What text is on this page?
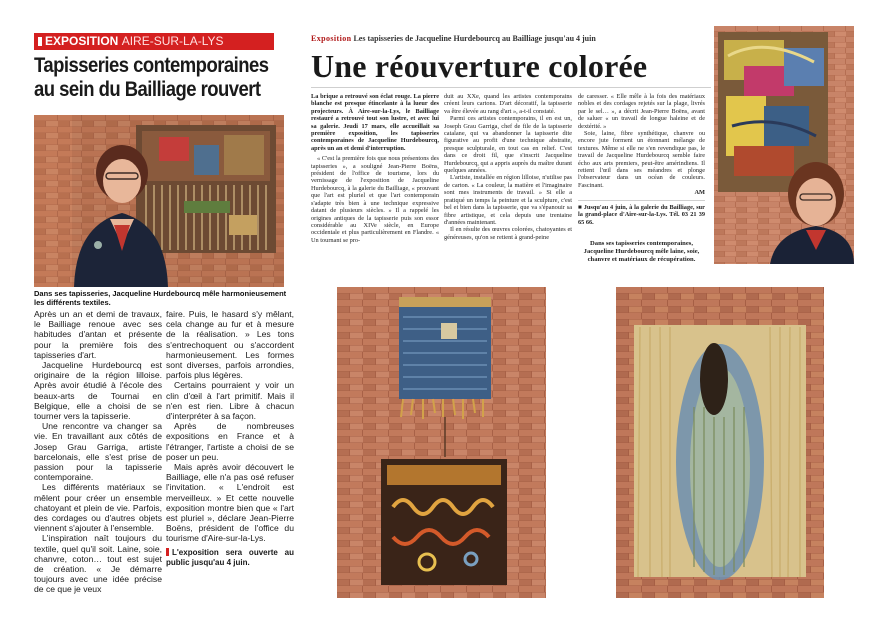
EXPOSITION AIRE-SUR-LA-LYS
Tapisseries contemporaines au sein du Bailliage rouvert
Dans ses tapisseries, Jacqueline Hurdebourcq mêle harmonieusement les différents textiles.

Après un an et demi de travaux, le Bailliage renoue avec ses habitudes d'antan et présente pour la première fois des tapisseries d'art.

Jacqueline Hurdebourcq est originaire de la région lilloise. Après avoir étudié à l'école des beaux-arts de Tournai en Belgique, elle a choisi de se tourner vers la tapisserie.

Une rencontre va changer sa vie. En travaillant aux côtés de Josep Grau Garriga, artiste barcelonais, elle s'est prise de passion pour la tapisserie contemporaine.

Les différents matériaux se mêlent pour créer un ensemble chatoyant et plein de vie. Parfois, des cordages ou d'autres objets viennent s'ajouter à l'ensemble.

L'inspiration naît toujours du textile, quel qu'il soit. Laine, soie, chanvre, coton… tout est sujet de création. « Je démarre toujours avec une idée précise de ce que je veux

faire. Puis, le hasard s'y mêlant, cela change au fur et à mesure de la réalisation. » Les tons s'entrechoquent ou s'accordent harmonieusement. Les formes sont diverses, parfois arrondies, parfois plus légères.

Certains pourraient y voir un clin d'œil à l'art primitif. Mais il n'en est rien. Libre à chacun d'interpréter à sa façon.

Après de nombreuses expositions en France et à l'étranger, l'artiste a choisi de se poser un peu.

Mais après avoir découvert le Bailliage, elle n'a pas osé refuser l'invitation. « L'endroit est merveilleux. » Et cette nouvelle exposition montre bien que « l'art est pluriel », déclare Jean-Pierre Boëns, président de l'office du tourisme d'Aire-sur-la-Lys.

L'exposition sera ouverte au public jusqu'au 4 juin.
Exposition Les tapisseries de Jacqueline Hurdebourcq au Bailliage jusqu'au 4 juin
Une réouverture colorée

La brique a retrouvé son éclat rouge. La pierre blanche est presque étincelante à la lueur des projecteurs. À Aire-sur-la-Lys, le Bailliage restauré a retrouvé tout son lustre, et avec lui sa galerie. Jeudi 17 mars, elle accueillait sa première exposition, les tapisseries contemporaines de Jacqueline Hurdebourcq, après un an et demi d'interruption.

« C'est la première fois que nous présentons des tapisseries », a souligné Jean-Pierre Boëns, président de l'office de tourisme, lors du vernissage de l'exposition de Jacqueline Hurdebourcq, à la galerie du Bailliage, « prouvant que l'art est pluriel et que l'art contemporain s'adapte très bien à une technique expressive datant de plusieurs siècles. » Il a rappelé les origines antiques de la tapisserie puis son essor considérable au XIVe siècle, en Europe occidentale et plus particulièrement en Flandre. « Un tournant se pro-

duit au XXe, quand les artistes contemporains créent leurs cartons. D'art décoratif, la tapisserie va être élevée au rang d'art », a-t-il constaté.

Parmi ces artistes contemporains, il en est un, Joseph Grau Garriga, chef de file de la tapisserie catalane, qui va abandonner la tapisserie dite figurative au profit d'une technique abstraite, presque sculpturale, en tout cas en relief. C'est dans ce droit fil, que s'inscrit Jacqueline Hurdebourcq, qui a appris auprès du maître durant quelques années.

L'artiste, installée en région lilloise, n'utilise pas de carton. « La couleur, la matière et l'imaginaire sont mes instruments de travail. » Si elle a pratiqué un temps la peinture et la sculpture, c'est bel et bien dans la tapisserie, que va s'épanouir sa fibre artistique, et cela depuis une trentaine d'années maintenant.

Il en résulte des œuvres colorées, chatoyantes et généreuses, qu'on se retient à grand-peine

de caresser. « Elle mêle à la fois des matériaux nobles et des cordages rejetés sur la plage, livrés par le sel… », a décrit Jean-Pierre Boëns, avant de saluer « un travail de longue haleine et de dextérité. »

Soie, laine, fibre synthétique, chanvre ou encore jute forment un étonnant mélange de textures. Même si elle ne s'en revendique pas, le travail de Jacqueline Hurdebourcq semble faire écho aux arts premiers, peut-être amérindiens. Il retient l'œil dans ses méandres et plonge l'observateur dans un océan de couleurs. Fascinant.

AM

■ Jusqu'au 4 juin, à la galerie du Bailliage, sur la grand-place d'Aire-sur-la-Lys. Tél. 03 21 39 65 66.

Dans ses tapisseries contemporaines, Jacqueline Hurdebourcq mêle laine, soie, chanvre et matériaux de récupération.
